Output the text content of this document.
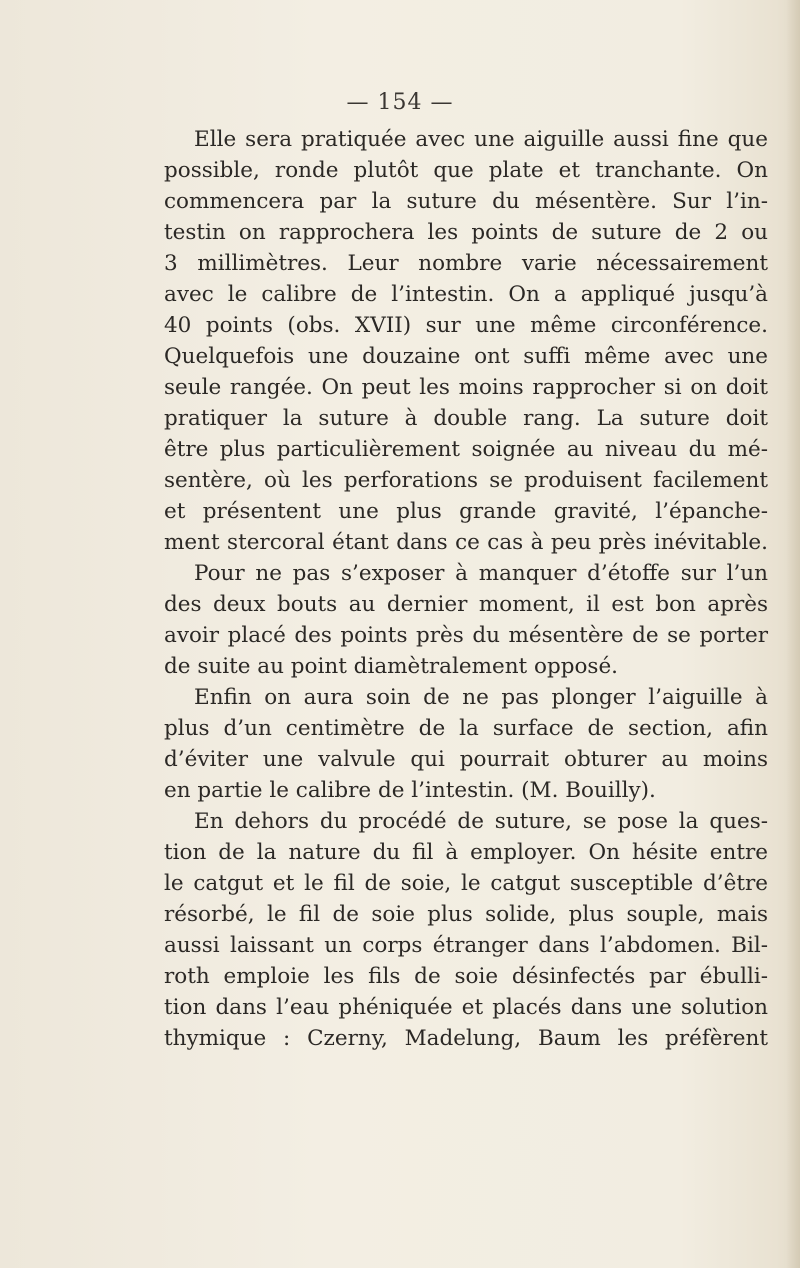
— 154 —
Elle sera pratiquée avec une aiguille aussi fine que
possible, ronde plutôt que plate et tranchante. On
commencera par la suture du mésentère. Sur l’in-
testin on rapprochera les points de suture de 2 ou
3 millimètres. Leur nombre varie nécessairement
avec le calibre de l’intestin. On a appliqué jusqu’à
40 points (obs. XVII) sur une même circonférence.
Quelquefois une douzaine ont suffi même avec une
seule rangée. On peut les moins rapprocher si on doit
pratiquer la suture à double rang. La suture doit
être plus particulièrement soignée au niveau du mé-
sentère, où les perforations se produisent facilement
et présentent une plus grande gravité, l’épanche-
ment stercoral étant dans ce cas à peu près inévitable.
Pour ne pas s’exposer à manquer d’étoffe sur l’un
des deux bouts au dernier moment, il est bon après
avoir placé des points près du mésentère de se porter
de suite au point diamètralement opposé.
Enfin on aura soin de ne pas plonger l’aiguille à
plus d’un centimètre de la surface de section, afin
d’éviter une valvule qui pourrait obturer au moins
en partie le calibre de l’intestin. (M. Bouilly).
En dehors du procédé de suture, se pose la ques-
tion de la nature du fil à employer. On hésite entre
le catgut et le fil de soie, le catgut susceptible d’être
résorbé, le fil de soie plus solide, plus souple, mais
aussi laissant un corps étranger dans l’abdomen. Bil-
roth emploie les fils de soie désinfectés par ébulli-
tion dans l’eau phéniquée et placés dans une solution
thymique : Czerny, Madelung, Baum les préfèrent
